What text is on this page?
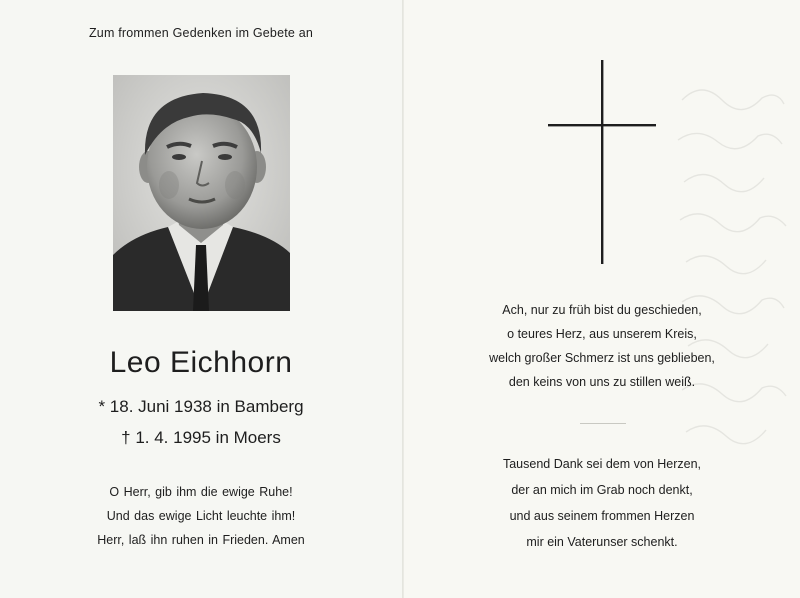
Zum frommen Gedenken im Gebete an
Leo Eichhorn
* 18. Juni 1938 in Bamberg
† 1. 4. 1995 in Moers
O Herr, gib ihm die ewige Ruhe!
Und das ewige Licht leuchte ihm!
Herr, laß ihn ruhen in Frieden. Amen
Ach, nur zu früh bist du geschieden,
o teures Herz, aus unserem Kreis,
welch großer Schmerz ist uns geblieben,
den keins von uns zu stillen weiß.
Tausend Dank sei dem von Herzen,
der an mich im Grab noch denkt,
und aus seinem frommen Herzen
mir ein Vaterunser schenkt.
